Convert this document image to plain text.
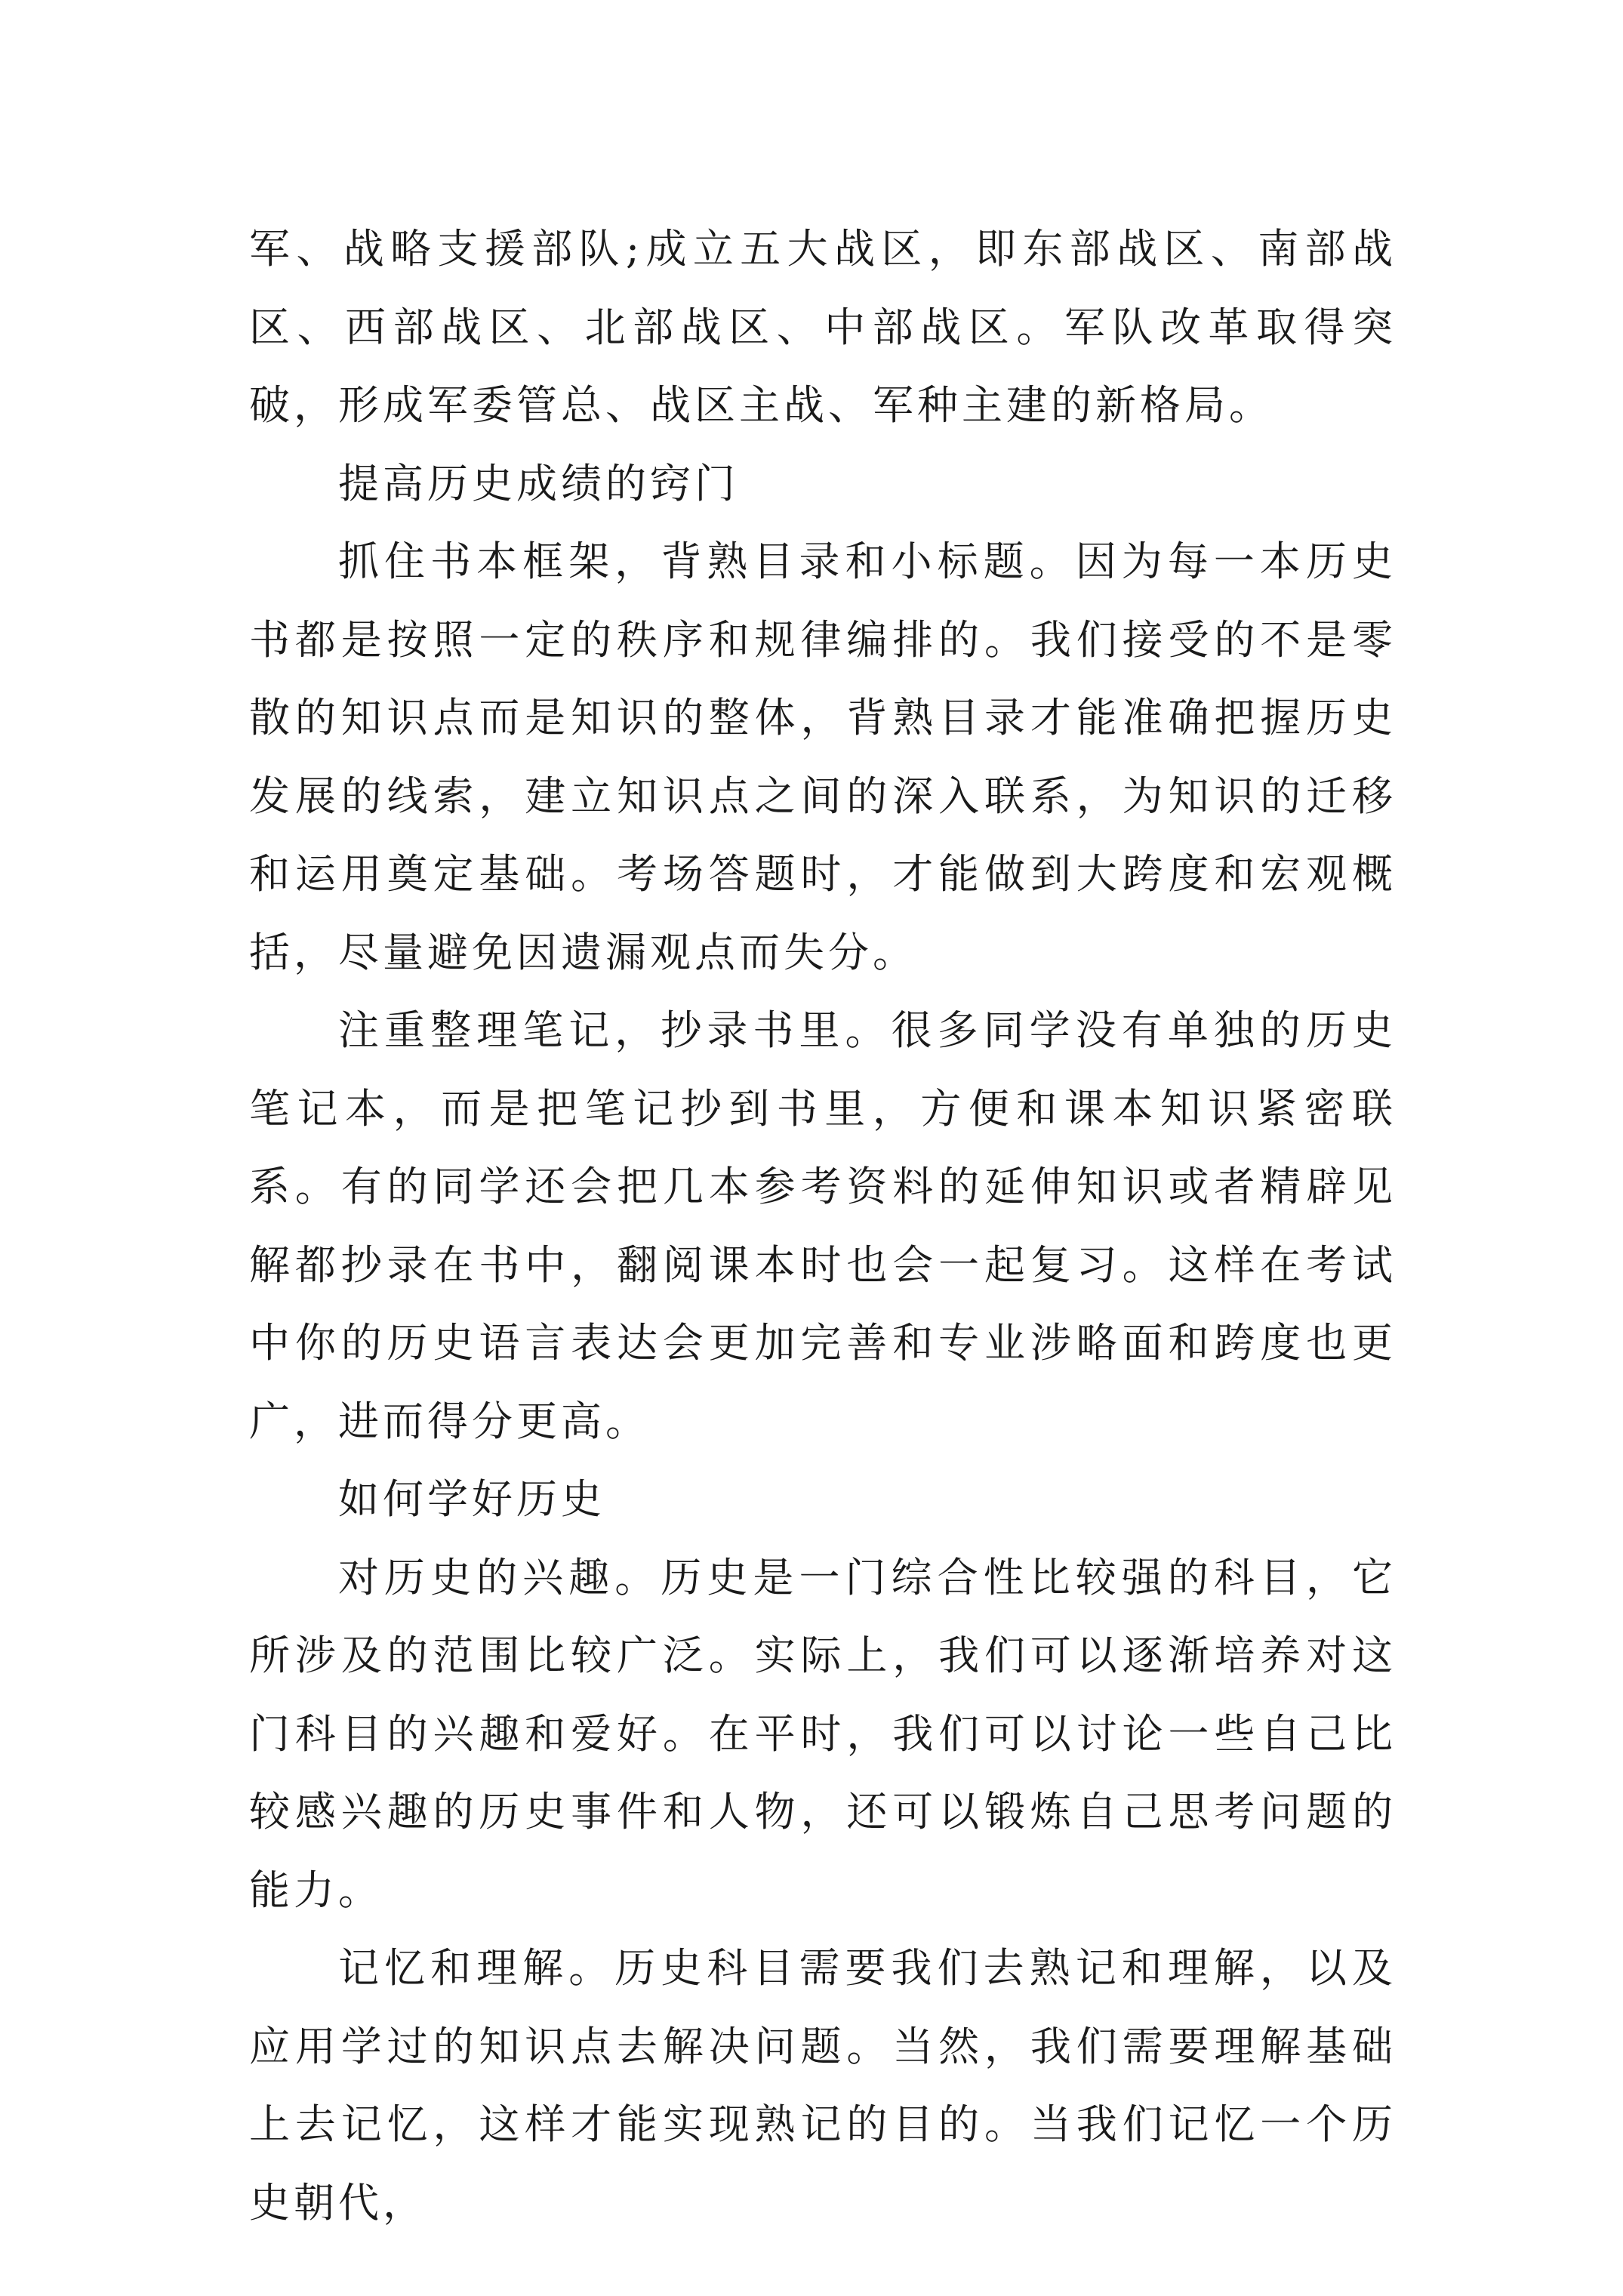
军、战略支援部队;成立五大战区，即东部战区、南部战区、西部战区、北部战区、中部战区。军队改革取得突破，形成军委管总、战区主战、军种主建的新格局。

提高历史成绩的窍门

抓住书本框架，背熟目录和小标题。因为每一本历史书都是按照一定的秩序和规律编排的。我们接受的不是零散的知识点而是知识的整体，背熟目录才能准确把握历史发展的线索，建立知识点之间的深入联系，为知识的迁移和运用奠定基础。考场答题时，才能做到大跨度和宏观概括，尽量避免因遗漏观点而失分。

注重整理笔记，抄录书里。很多同学没有单独的历史笔记本，而是把笔记抄到书里，方便和课本知识紧密联系。有的同学还会把几本参考资料的延伸知识或者精辟见解都抄录在书中，翻阅课本时也会一起复习。这样在考试中你的历史语言表达会更加完善和专业涉略面和跨度也更广，进而得分更高。

如何学好历史

对历史的兴趣。历史是一门综合性比较强的科目，它所涉及的范围比较广泛。实际上，我们可以逐渐培养对这门科目的兴趣和爱好。在平时，我们可以讨论一些自己比较感兴趣的历史事件和人物，还可以锻炼自己思考问题的能力。

记忆和理解。历史科目需要我们去熟记和理解，以及应用学过的知识点去解决问题。当然，我们需要理解基础上去记忆，这样才能实现熟记的目的。当我们记忆一个历史朝代，
